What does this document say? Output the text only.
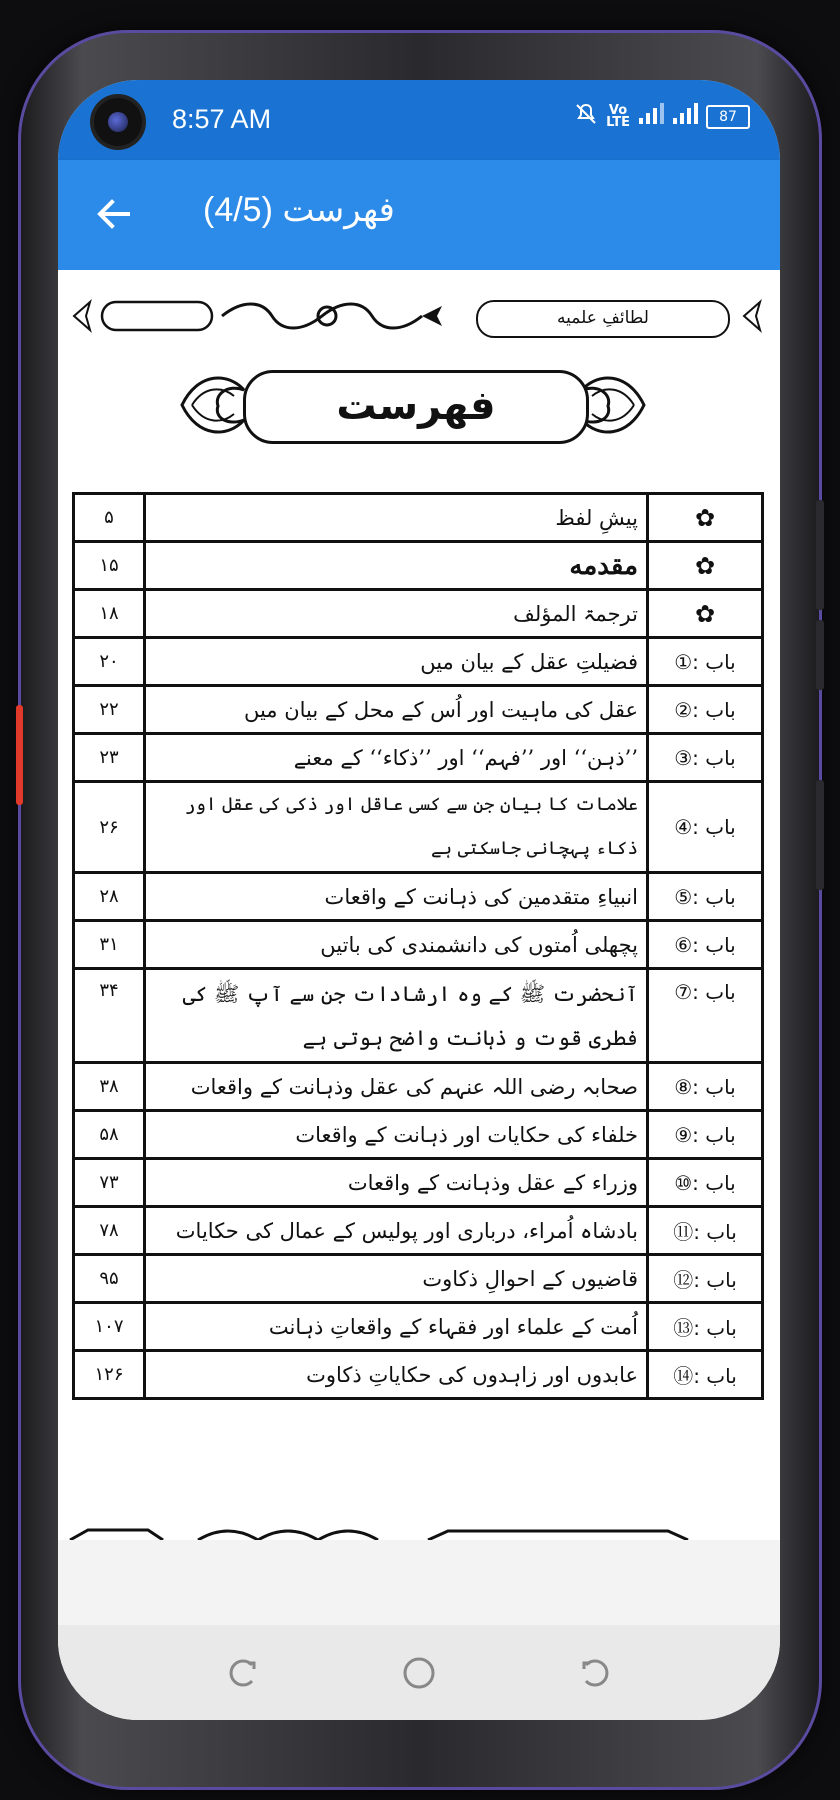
8:57 AM	Vo
LTE	87
فهرست (4/5)
لطائفِ علمیه
فهرست
✿	پیشِ لفظ	۵
✿	مقدمه	۱۵
✿	ترجمۃ المؤلف	۱۸
باب :①	فضیلتِ عقل کے بیان میں	۲۰
باب :②	عقل کی ماہیت اور اُس کے محل کے بیان میں	۲۲
باب :③	’’ذہن‘‘ اور ’’فہم‘‘ اور ’’ذکاء‘‘ کے معنے	۲۳
باب :④	علامات کا بیان جن سے کسی عاقل اور ذکی کی عقل اور ذکاء پہچانی جاسکتی ہے	۲۶
باب :⑤	انبیاءِ متقدمین کی ذہانت کے واقعات	۲۸
باب :⑥	پچھلی اُمتوں کی دانشمندی کی باتیں	۳۱
باب :⑦	آنحضرت ﷺ کے وہ ارشادات جن سے آپ ﷺ کی فطری قوت و ذہانت واضح ہوتی ہے	۳۴
باب :⑧	صحابہ رضی اللہ عنہم کی عقل وذہانت کے واقعات	۳۸
باب :⑨	خلفاء کی حکایات اور ذہانت کے واقعات	۵۸
باب :⑩	وزراء کے عقل وذہانت کے واقعات	۷۳
باب :⑪	بادشاہ اُمراء، درباری اور پولیس کے عمال کی حکایات	۷۸
باب :⑫	قاضیوں کے احوالِ ذکاوت	۹۵
باب :⑬	اُمت کے علماء اور فقہاء کے واقعاتِ ذہانت	۱۰۷
باب :⑭	عابدوں اور زاہدوں کی حکایاتِ ذکاوت	۱۲۶
